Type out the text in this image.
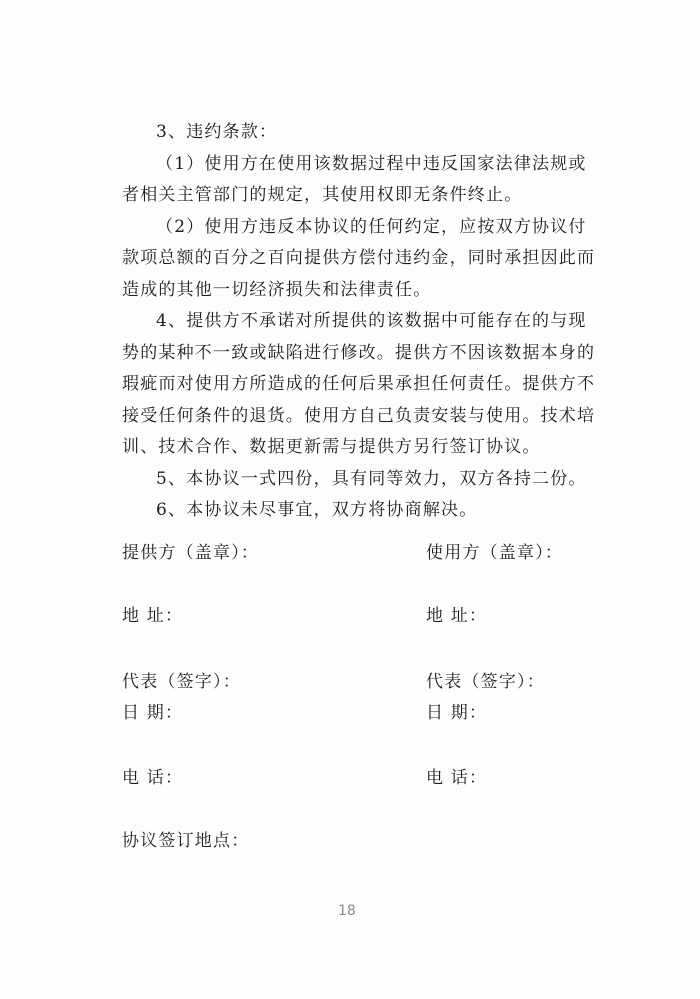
3、违约条款：
（1）使用方在使用该数据过程中违反国家法律法规或
者相关主管部门的规定，其使用权即无条件终止。
（2）使用方违反本协议的任何约定，应按双方协议付
款项总额的百分之百向提供方偿付违约金，同时承担因此而
造成的其他一切经济损失和法律责任。
4、提供方不承诺对所提供的该数据中可能存在的与现
势的某种不一致或缺陷进行修改。提供方不因该数据本身的
瑕疵而对使用方所造成的任何后果承担任何责任。提供方不
接受任何条件的退货。使用方自己负责安装与使用。技术培
训、技术合作、数据更新需与提供方另行签订协议。
5、本协议一式四份，具有同等效力，双方各持二份。
6、本协议未尽事宜，双方将协商解决。
提供方（盖章）：	使用方（盖章）：
地 址：	地 址：
代表（签字）：	代表（签字）：
日 期：	日 期：
电 话：	电 话：
协议签订地点：
18
